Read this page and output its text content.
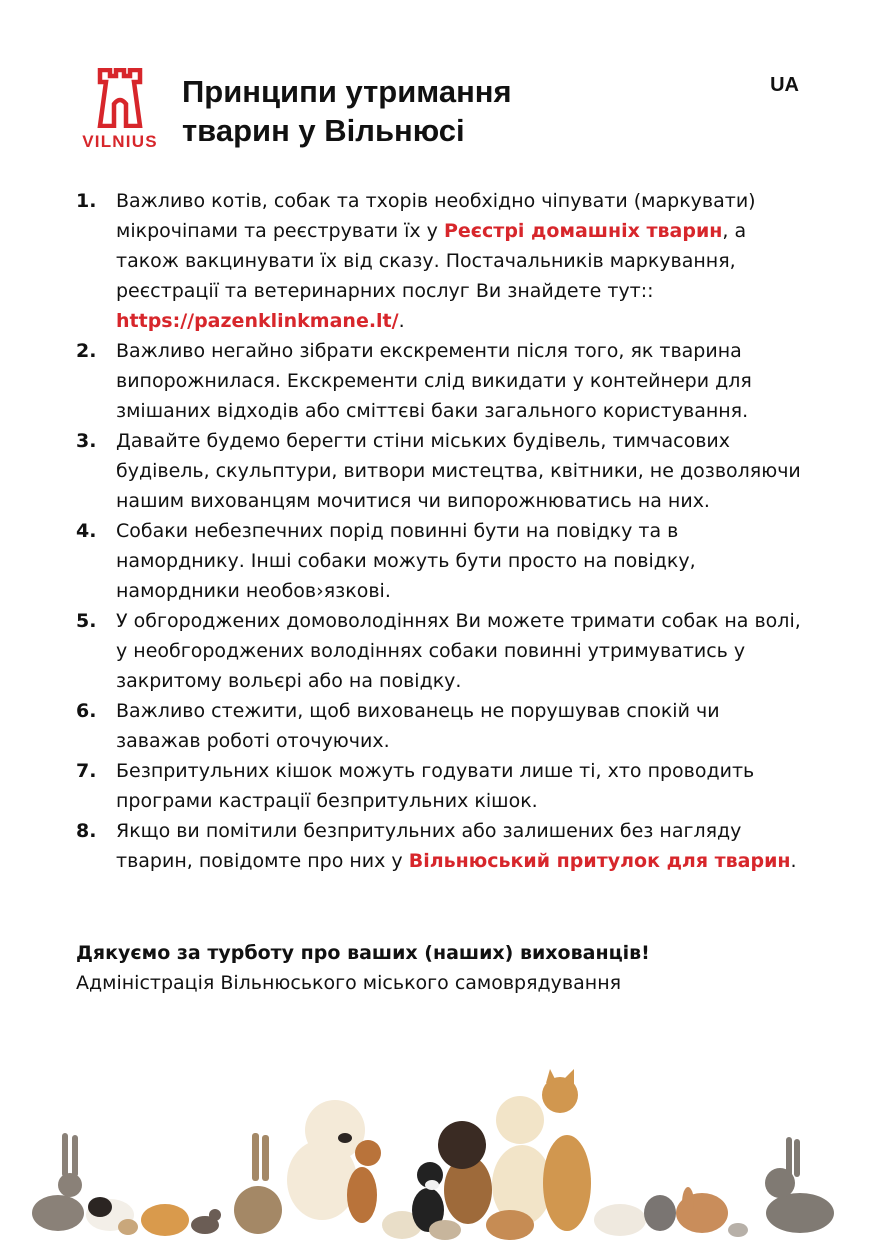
VILNIUS
Принципи утримання
тварин у Вільнюсі
UA
1. Важливо котів, собак та тхорів необхідно чіпувати (маркувати) мікрочіпами та реєструвати їх у Реєстрі домашніх тварин, а також вакцинувати їх від сказу. Постачальників маркування, реєстрації та ветеринарних послуг Ви знайдете тут:: https://pazenklinkmane.lt/.
2. Важливо негайно зібрати екскременти після того, як тварина випорожнилася. Екскременти слід викидати у контейнери для змішаних відходів або сміттєві баки загального користування.
3. Давайте будемо берегти стіни міських будівель, тимчасових будівель, скульптури, витвори мистецтва, квітники, не дозволяючи нашим вихованцям мочитися чи випорожнюватись на них.
4. Собаки небезпечних порід повинні бути на повідку та в наморднику. Інші собаки можуть бути просто на повідку, намордники необов›язкові.
5. У обгороджених домоволодіннях Ви можете тримати собак на волі, у необгороджених володіннях собаки повинні утримуватись у закритому вольєрі або на повідку.
6. Важливо стежити, щоб вихованець не порушував спокій чи заважав роботі оточуючих.
7. Безпритульних кішок можуть годувати лише ті, хто проводить програми кастрації безпритульних кішок.
8. Якщо ви помітили безпритульних або залишених без нагляду тварин, повідомте про них у Вільнюський притулок для тварин.
Дякуємо за турботу про ваших (наших) вихованців!
Адміністрація Вільнюського міського самоврядування
